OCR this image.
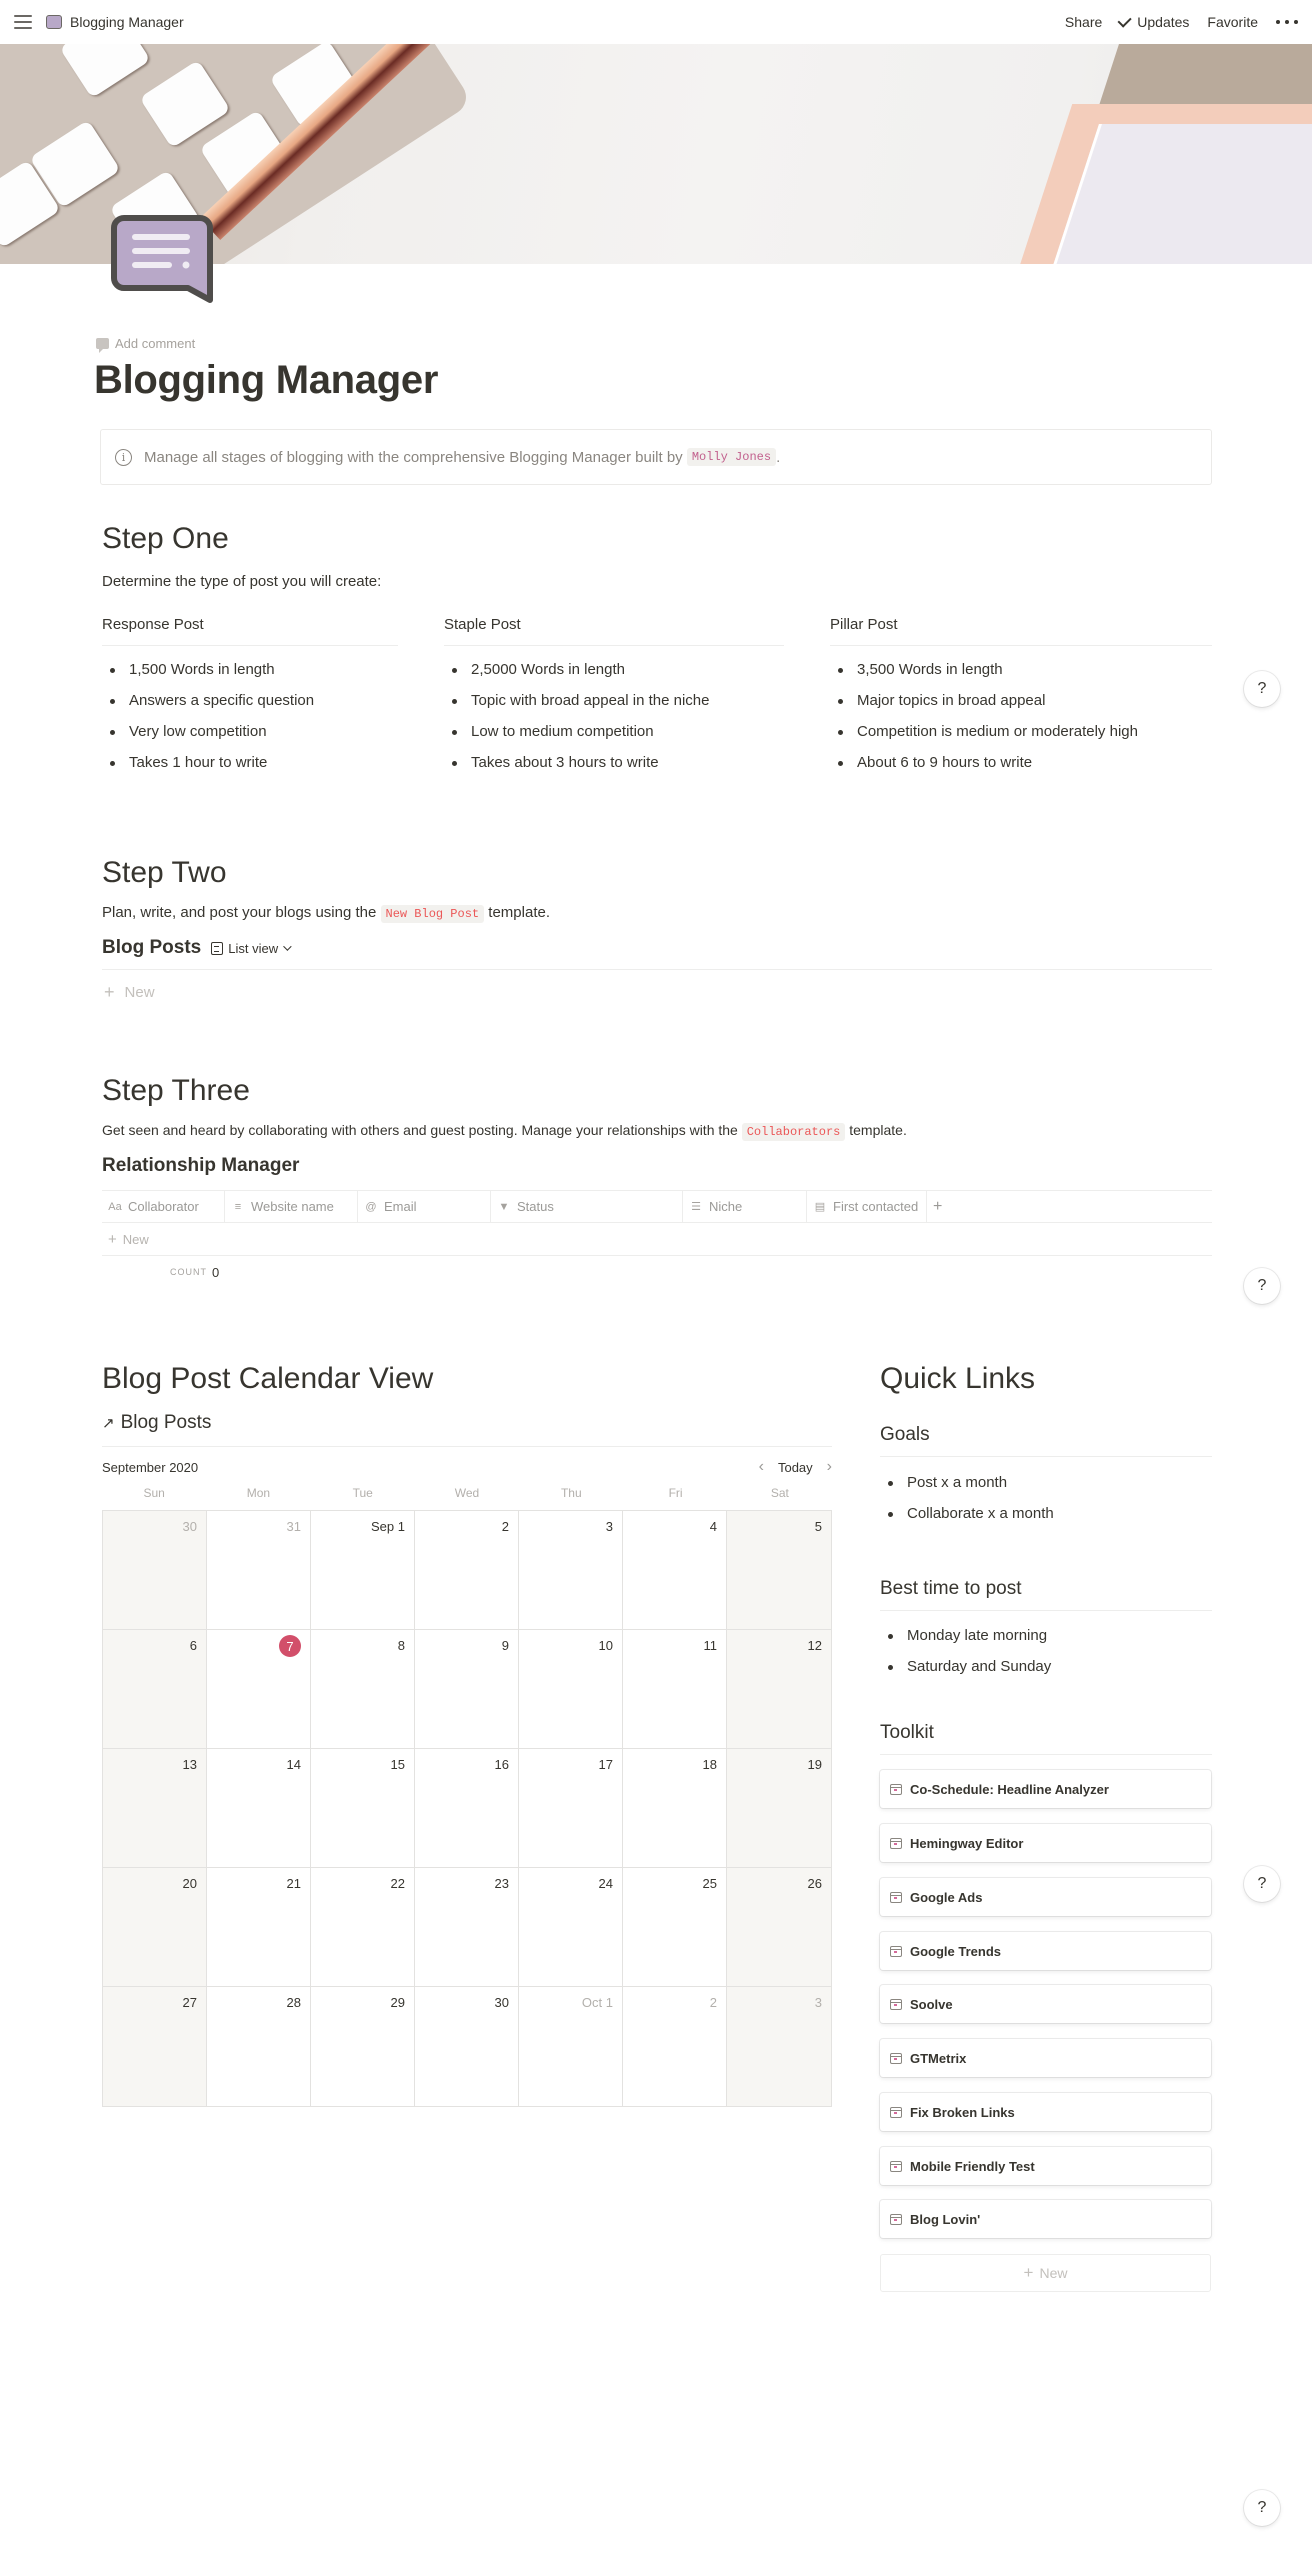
Blogging Manager	Share	Updates Favorite
Add comment
Blogging Manager
i	Manage all stages of blogging with the comprehensive Blogging Manager built by Molly Jones .
Step One

Determine the type of post you will create:

Response Post
1,500 Words in length
Answers a specific question
Very low competition
Takes 1 hour to write
Staple Post
2,5000 Words in length
Topic with broad appeal in the niche
Low to medium competition
Takes about 3 hours to write
Pillar Post
3,500 Words in length
Major topics in broad appeal
Competition is medium or moderately high
About 6 to 9 hours to write
?
Step Two

Plan, write, and post your blogs using the New Blog Post template.

Blog Posts List view
+ New
Step Three

Get seen and heard by collaborating with others and guest posting. Manage your relationships with the Collaborators template.

Relationship Manager
Aa Collaborator	≡ Website name	@ Email	▼ Status	☰ Niche	▤ First contacted +
+ New
COUNT 0
?
Blog Post Calendar View
↗ Blog Posts
September 2020	‹ Today ›
Sun	Mon	Tue	Wed	Thu	Fri	Sat
30	31	Sep 1	2	3	4	5
6	7	8	9	10	11	12
13	14	15	16	17	18	19
20	21	22	23	24	25	26
27	28	29	30	Oct 1	2	3
Quick Links
Goals
Post x a month
Collaborate x a month
Best time to post
Monday late morning
Saturday and Sunday
Toolkit
Co-Schedule: Headline Analyzer
Hemingway Editor
Google Ads
Google Trends
Soolve
GTMetrix
Fix Broken Links
Mobile Friendly Test
Blog Lovin'
+ New
?
?
